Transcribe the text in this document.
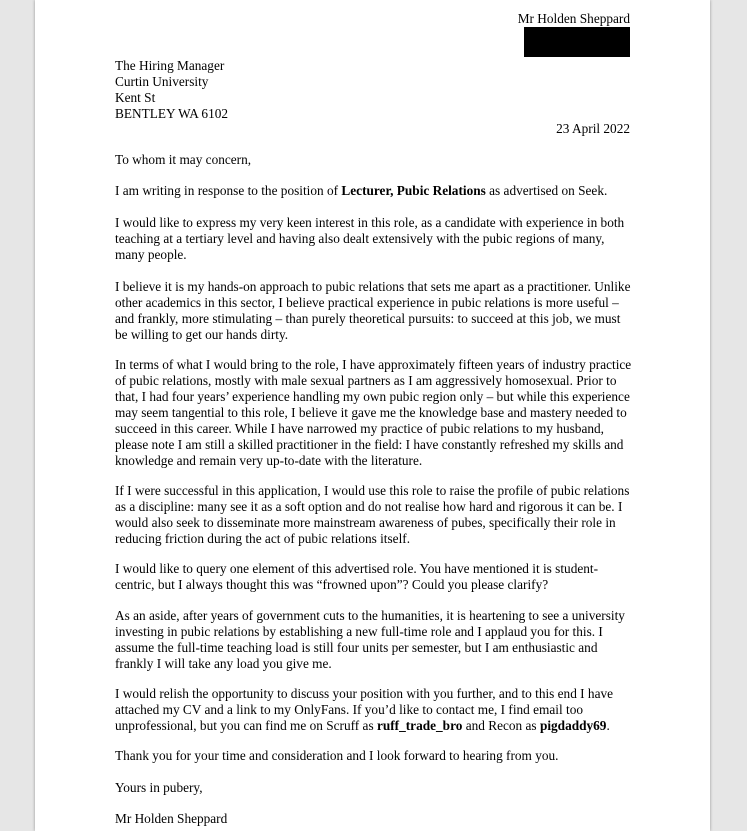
Mr Holden Sheppard
The Hiring Manager
Curtin University
Kent St
BENTLEY WA 6102
23 April 2022
To whom it may concern,
I am writing in response to the position of Lecturer, Pubic Relations as advertised on Seek.
I would like to express my very keen interest in this role, as a candidate with experience in both teaching at a tertiary level and having also dealt extensively with the pubic regions of many, many people.
I believe it is my hands-on approach to pubic relations that sets me apart as a practitioner. Unlike other academics in this sector, I believe practical experience in pubic relations is more useful – and frankly, more stimulating – than purely theoretical pursuits: to succeed at this job, we must be willing to get our hands dirty.
In terms of what I would bring to the role, I have approximately fifteen years of industry practice of pubic relations, mostly with male sexual partners as I am aggressively homosexual. Prior to that, I had four years’ experience handling my own pubic region only – but while this experience may seem tangential to this role, I believe it gave me the knowledge base and mastery needed to succeed in this career. While I have narrowed my practice of pubic relations to my husband, please note I am still a skilled practitioner in the field: I have constantly refreshed my skills and knowledge and remain very up-to-date with the literature.
If I were successful in this application, I would use this role to raise the profile of pubic relations as a discipline: many see it as a soft option and do not realise how hard and rigorous it can be. I would also seek to disseminate more mainstream awareness of pubes, specifically their role in reducing friction during the act of pubic relations itself.
I would like to query one element of this advertised role. You have mentioned it is student-centric, but I always thought this was “frowned upon”? Could you please clarify?
As an aside, after years of government cuts to the humanities, it is heartening to see a university investing in pubic relations by establishing a new full-time role and I applaud you for this. I assume the full-time teaching load is still four units per semester, but I am enthusiastic and frankly I will take any load you give me.
I would relish the opportunity to discuss your position with you further, and to this end I have attached my CV and a link to my OnlyFans. If you’d like to contact me, I find email too unprofessional, but you can find me on Scruff as ruff_trade_bro and Recon as pigdaddy69.
Thank you for your time and consideration and I look forward to hearing from you.
Yours in pubery,
Mr Holden Sheppard
